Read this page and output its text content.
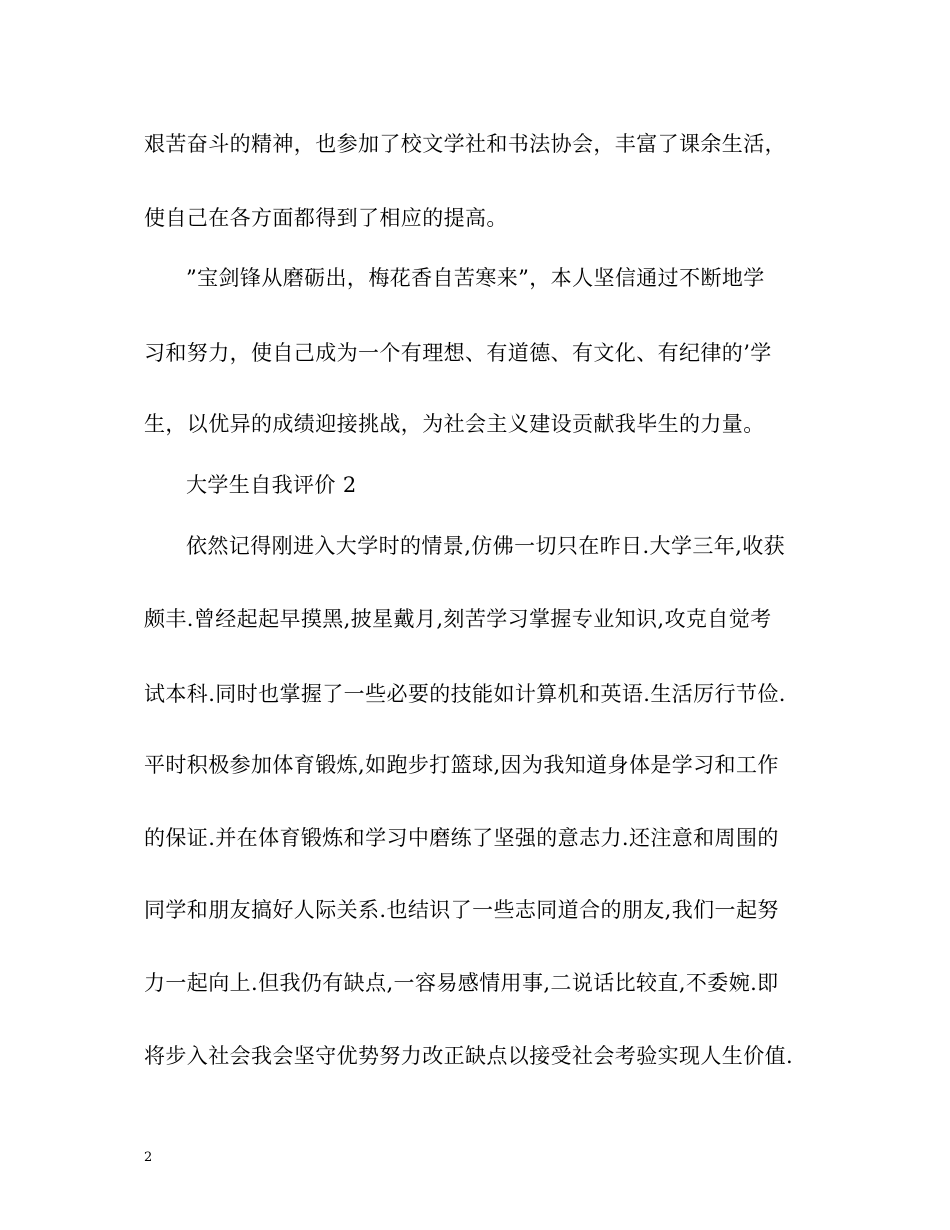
艰苦奋斗的精神，也参加了校文学社和书法协会，丰富了课余生活，
使自己在各方面都得到了相应的提高。
”宝剑锋从磨砺出，梅花香自苦寒来”，本人坚信通过不断地学
习和努力，使自己成为一个有理想、有道德、有文化、有纪律的’学
生，以优异的成绩迎接挑战，为社会主义建设贡献我毕生的力量。
大学生自我评价 2
依然记得刚进入大学时的情景,仿佛一切只在昨日.大学三年,收获
颇丰.曾经起起早摸黑,披星戴月,刻苦学习掌握专业知识,攻克自觉考
试本科.同时也掌握了一些必要的技能如计算机和英语.生活厉行节俭.
平时积极参加体育锻炼,如跑步打篮球,因为我知道身体是学习和工作
的保证.并在体育锻炼和学习中磨练了坚强的意志力.还注意和周围的
同学和朋友搞好人际关系.也结识了一些志同道合的朋友,我们一起努
力一起向上.但我仍有缺点,一容易感情用事,二说话比较直,不委婉.即
将步入社会我会坚守优势努力改正缺点以接受社会考验实现人生价值.
2
